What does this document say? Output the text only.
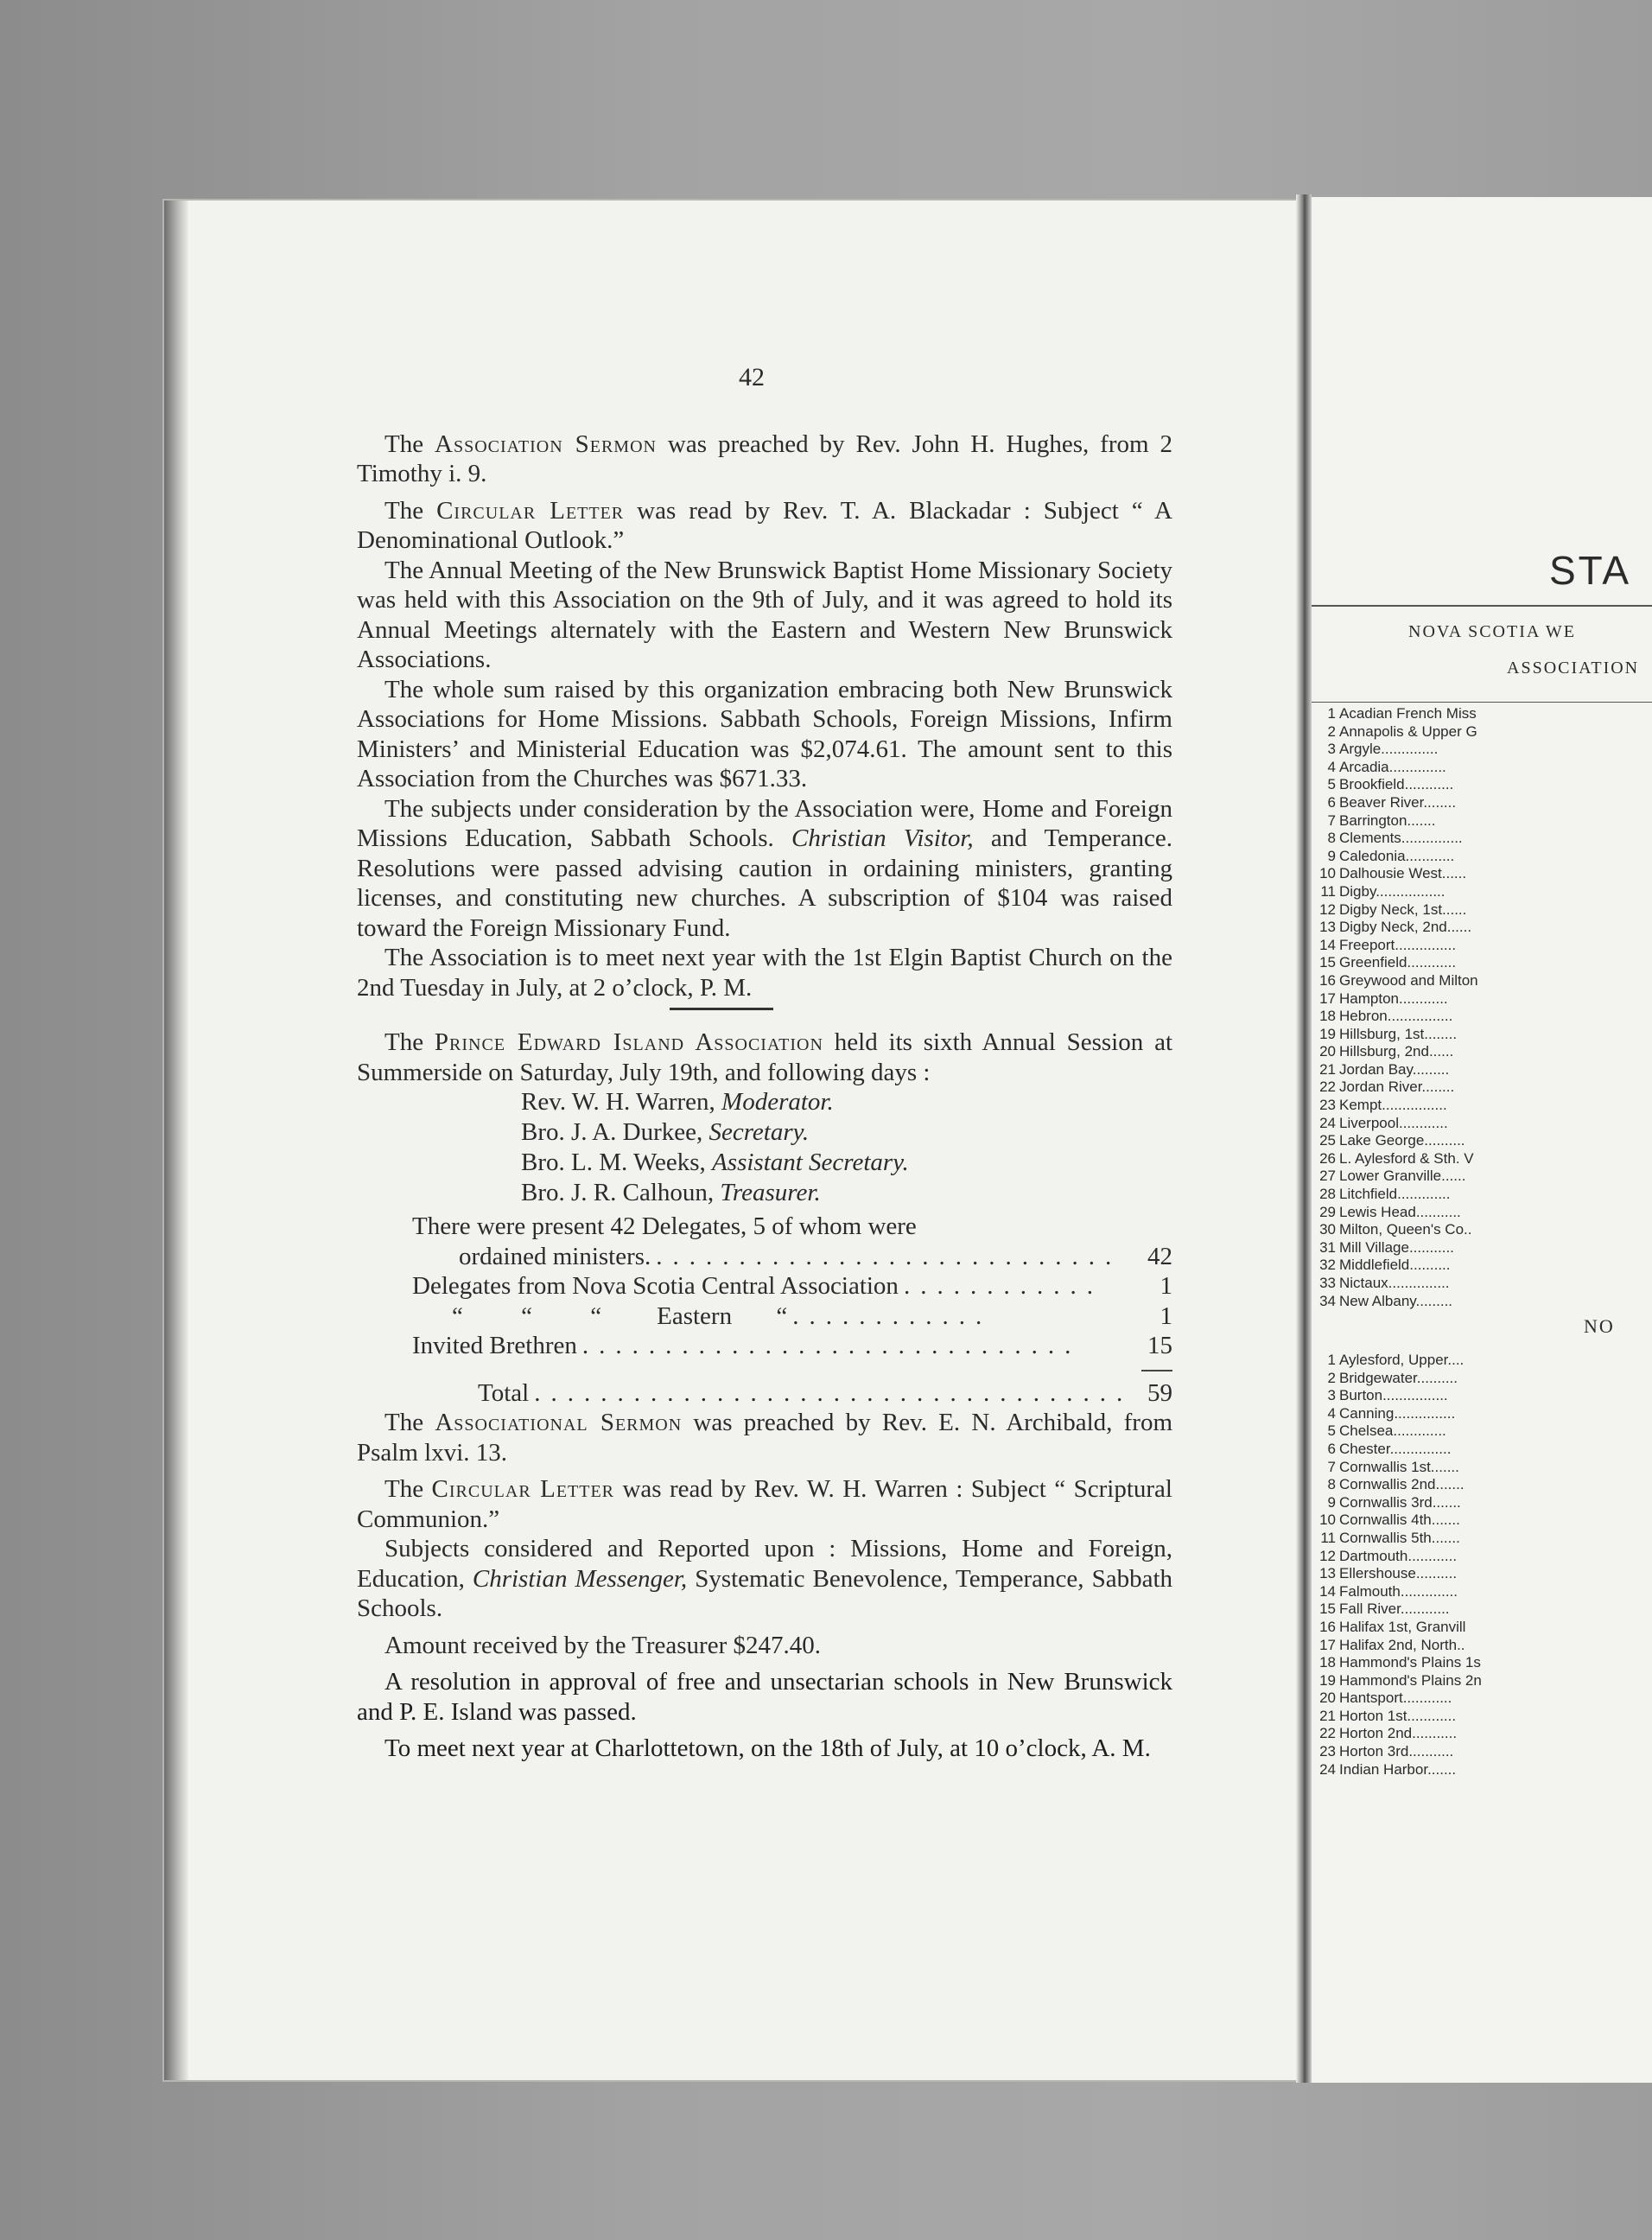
42

The Association Sermon was preached by Rev. John H. Hughes, from 2 Timothy i. 9.

The Circular Letter was read by Rev. T. A. Blackadar : Subject “ A Denominational Outlook.”

The Annual Meeting of the New Brunswick Baptist Home Missionary Society was held with this Association on the 9th of July, and it was agreed to hold its Annual Meetings alternately with the Eastern and Western New Brunswick Associations.

The whole sum raised by this organization embracing both New Brunswick Associations for Home Missions. Sabbath Schools, Foreign Missions, Infirm Ministers’ and Ministerial Education was $2,074.61. The amount sent to this Association from the Churches was $671.33.

The subjects under consideration by the Association were, Home and Foreign Missions Education, Sabbath Schools. Christian Visitor, and Temperance. Resolutions were passed advising caution in ordaining ministers, granting licenses, and constituting new churches. A subscription of $104 was raised toward the Foreign Missionary Fund.

The Association is to meet next year with the 1st Elgin Baptist Church on the 2nd Tuesday in July, at 2 o’clock, P. M.

The Prince Edward Island Association held its sixth Annual Session at Summerside on Saturday, July 19th, and following days :

Rev. W. H. Warren, Moderator.
Bro. J. A. Durkee, Secretary.
Bro. L. M. Weeks, Assistant Secretary.
Bro. J. R. Calhoun, Treasurer.
There were present 42 Delegates, 5 of whom were
ordained ministers. ............................	42
Delegates from Nova Scotia Central Association ............	1
“ “ “	Eastern “ ............	1
Invited Brethren ..............................	15
Total .................................... 59

The Associational Sermon was preached by Rev. E. N. Archibald, from Psalm lxvi. 13.

The Circular Letter was read by Rev. W. H. Warren : Subject “ Scriptural Communion.”

Subjects considered and Reported upon : Missions, Home and Foreign, Education, Christian Messenger, Systematic Benevolence, Temperance, Sabbath Schools.

Amount received by the Treasurer $247.40.

A resolution in approval of free and unsectarian schools in New Brunswick and P. E. Island was passed.

To meet next year at Charlottetown, on the 18th of July, at 10 o’clock, A. M.

STA
NOVA SCOTIA WE
ASSOCIATION
1 Acadian French Miss
2 Annapolis & Upper G
3 Argyle..............
4 Arcadia..............
5 Brookfield............
6 Beaver River........
7 Barrington.......
8 Clements...............
9 Caledonia............
10 Dalhousie West......
11 Digby.................
12 Digby Neck, 1st......
13 Digby Neck, 2nd......
14 Freeport...............
15 Greenfield............
16 Greywood and Milton
17 Hampton............
18 Hebron................
19 Hillsburg, 1st........
20 Hillsburg, 2nd......
21 Jordan Bay.........
22 Jordan River........
23 Kempt................
24 Liverpool............
25 Lake George..........
26 L. Aylesford & Sth. V
27 Lower Granville......
28 Litchfield.............
29 Lewis Head...........
30 Milton, Queen's Co..
31 Mill Village...........
32 Middlefield..........
33 Nictaux...............
34 New Albany.........
NO
1 Aylesford, Upper....
2 Bridgewater..........
3 Burton................
4 Canning...............
5 Chelsea.............
6 Chester...............
7 Cornwallis 1st.......
8 Cornwallis 2nd.......
9 Cornwallis 3rd.......
10 Cornwallis 4th.......
11 Cornwallis 5th.......
12 Dartmouth............
13 Ellershouse..........
14 Falmouth..............
15 Fall River............
16 Halifax 1st, Granvill
17 Halifax 2nd, North..
18 Hammond's Plains 1s
19 Hammond's Plains 2n
20 Hantsport............
21 Horton 1st............
22 Horton 2nd...........
23 Horton 3rd...........
24 Indian Harbor.......
